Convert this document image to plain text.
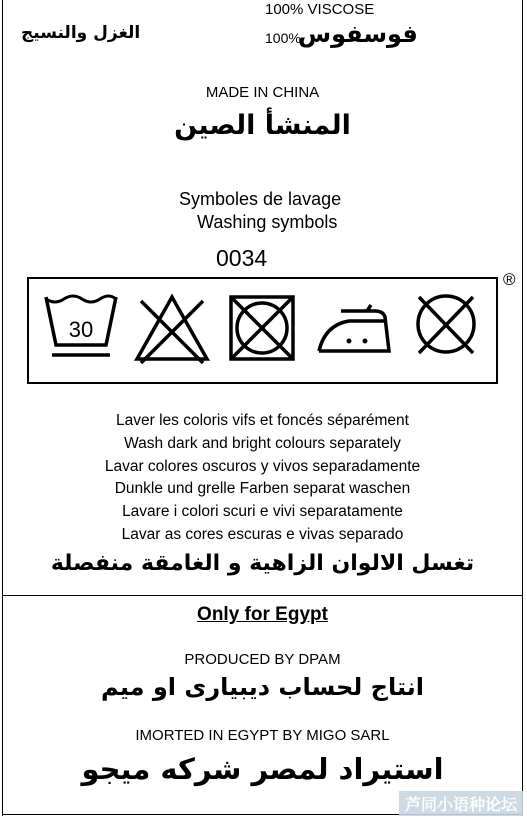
100% VISCOSE
100%
فوسفوس
الغزل والنسيج
MADE IN CHINA
المنشأ الصين
Symboles de lavage
Washing symbols
0034
®
30
Laver les coloris vifs et foncés séparément
Wash dark and bright colours separately
Lavar colores oscuros y vivos separadamente
Dunkle und grelle Farben separat waschen
Lavare i colori scuri e vivi separatamente
Lavar as cores escuras e vivas separado
تغسل الالوان الزاهية و الغامقة منفصلة
Only for Egypt
PRODUCED BY DPAM
انتاج لحساب ديبيارى او ميم
IMORTED IN EGYPT BY MIGO SARL
استيراد لمصر شركه ميجو
芦同小语种论坛
